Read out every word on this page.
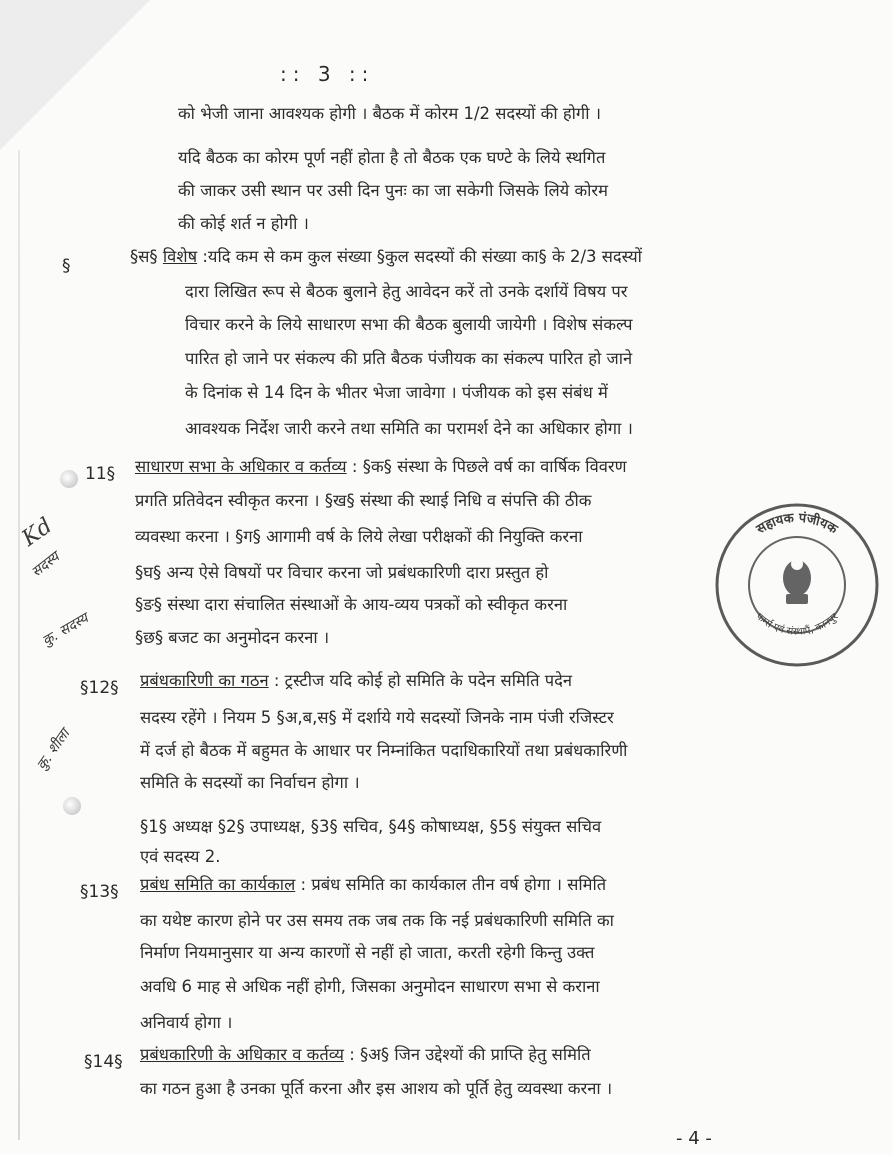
:: 3 ::
को भेजी जाना आवश्यक होगी । बैठक में कोरम 1/2 सदस्यों की होगी ।
यदि बैठक का कोरम पूर्ण नहीं होता है तो बैठक एक घण्टे के लिये स्थगित
की जाकर उसी स्थान पर उसी दिन पुनः का जा सकेगी जिसके लिये कोरम
की कोई शर्त न होगी ।
§	§स§ विशेष :यदि कम से कम कुल संख्या §कुल सदस्यों की संख्या का§ के 2/3 सदस्यों
दारा लिखित रूप से बैठक बुलाने हेतु आवेदन करें तो उनके दर्शायें विषय पर
विचार करने के लिये साधारण सभा की बैठक बुलायी जायेगी । विशेष संकल्प
पारित हो जाने पर संकल्प की प्रति बैठक पंजीयक का संकल्प पारित हो जाने
के दिनांक से 14 दिन के भीतर भेजा जावेगा । पंजीयक को इस संबंध में
आवश्यक निर्देश जारी करने तथा समिति का परामर्श देने का अधिकार होगा ।
11§ साधारण सभा के अधिकार व कर्तव्य : §क§ संस्था के पिछले वर्ष का वार्षिक विवरण
प्रगति प्रतिवेदन स्वीकृत करना । §ख§ संस्था की स्थाई निधि व संपत्ति की ठीक
व्यवस्था करना । §ग§ आगामी वर्ष के लिये लेखा परीक्षकों की नियुक्ति करना
§घ§ अन्य ऐसे विषयों पर विचार करना जो प्रबंधकारिणी दारा प्रस्तुत हो
§ङ§ संस्था दारा संचालित संस्थाओं के आय-व्यय पत्रकों को स्वीकृत करना
§छ§ बजट का अनुमोदन करना ।
Kd
सदस्य
कु. सदस्य
कु. शीला
§12§ प्रबंधकारिणी का गठन : ट्रस्टीज यदि कोई हो समिति के पदेन समिति पदेन
सदस्य रहेंगे । नियम 5 §अ,ब,स§ में दर्शाये गये सदस्यों जिनके नाम पंजी रजिस्टर
में दर्ज हो बैठक में बहुमत के आधार पर निम्नांकित पदाधिकारियों तथा प्रबंधकारिणी
समिति के सदस्यों का निर्वाचन होगा ।
§1§ अध्यक्ष §2§ उपाध्यक्ष, §3§ सचिव, §4§ कोषाध्यक्ष, §5§ संयुक्त सचिव
एवं सदस्य 2.
§13§ प्रबंध समिति का कार्यकाल : प्रबंध समिति का कार्यकाल तीन वर्ष होगा । समिति
का यथेष्ट कारण होने पर उस समय तक जब तक कि नई प्रबंधकारिणी समिति का
निर्माण नियमानुसार या अन्य कारणों से नहीं हो जाता, करती रहेगी किन्तु उक्त
अवधि 6 माह से अधिक नहीं होगी, जिसका अनुमोदन साधारण सभा से कराना
अनिवार्य होगा ।
§14§ प्रबंधकारिणी के अधिकार व कर्तव्य : §अ§ जिन उद्देश्यों की प्राप्ति हेतु समिति
का गठन हुआ है उनका पूर्ति करना और इस आशय को पूर्ति हेतु व्यवस्था करना ।
सहायक पंजीयक
फर्म्स एवं संस्थाएँ, कानपुर
- 4 -
